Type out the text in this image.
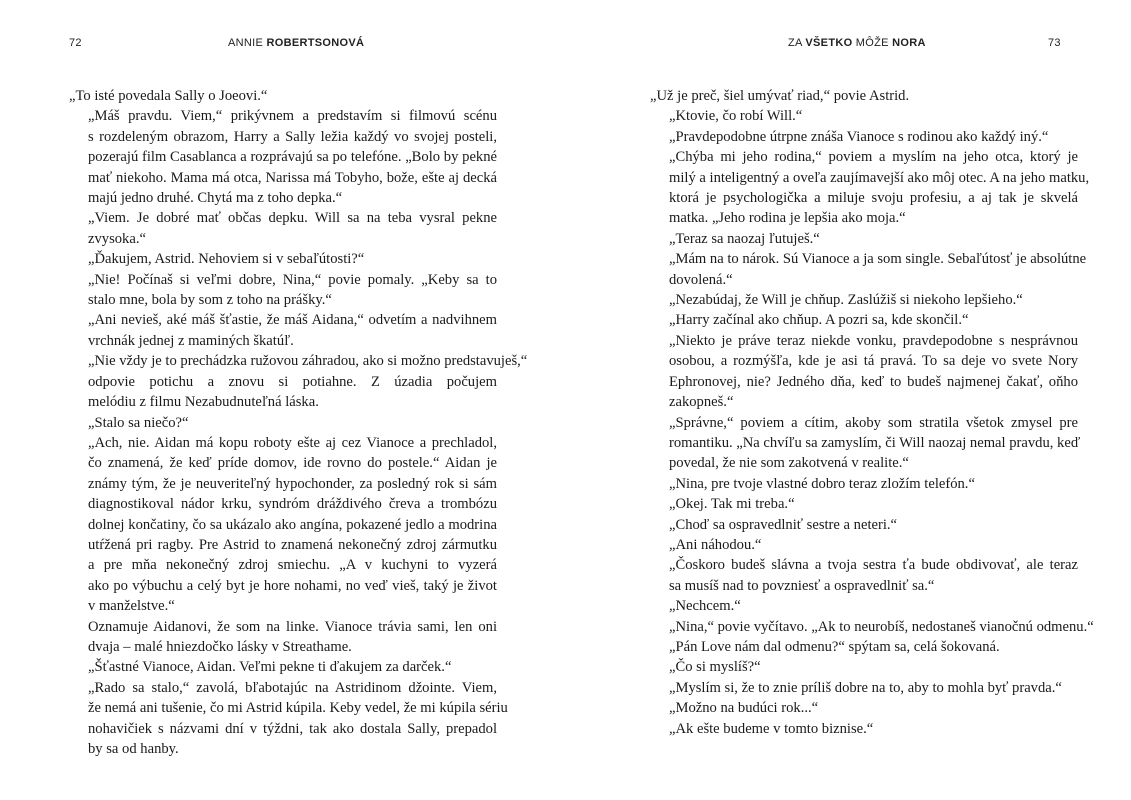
72	ANNIE ROBERTSONOVÁ

„To isté povedala Sally o Joeovi.“

„Máš pravdu. Viem,“ prikývnem a predstavím si filmovú scénu
s rozdeleným obrazom, Harry a Sally ležia každý vo svojej posteli,
pozerajú film Casablanca a rozprávajú sa po telefóne. „Bolo by pekné
mať niekoho. Mama má otca, Narissa má Tobyho, bože, ešte aj decká
majú jedno druhé. Chytá ma z toho depka.“

„Viem. Je dobré mať občas depku. Will sa na teba vysral pekne
zvysoka.“

„Ďakujem, Astrid. Nehoviem si v sebaľútosti?“

„Nie! Počínaš si veľmi dobre, Nina,“ povie pomaly. „Keby sa to
stalo mne, bola by som z toho na prášky.“

„Ani nevieš, aké máš šťastie, že máš Aidana,“ odvetím a nadvihnem
vrchnák jednej z maminých škatúľ.

„Nie vždy je to prechádzka ružovou záhradou, ako si možno predstavuješ,“
odpovie potichu a znovu si potiahne. Z úzadia počujem
melódiu z filmu Nezabudnuteľná láska.

„Stalo sa niečo?“

„Ach, nie. Aidan má kopu roboty ešte aj cez Vianoce a prechladol,
čo znamená, že keď príde domov, ide rovno do postele.“ Aidan je
známy tým, že je neuveriteľný hypochonder, za posledný rok si sám
diagnostikoval nádor krku, syndróm dráždivého čreva a trombózu
dolnej končatiny, čo sa ukázalo ako angína, pokazené jedlo a modrina
utŕžená pri ragby. Pre Astrid to znamená nekonečný zdroj zármutku
a pre mňa nekonečný zdroj smiechu. „A v kuchyni to vyzerá
ako po výbuchu a celý byt je hore nohami, no veď vieš, taký je život
v manželstve.“

Oznamuje Aidanovi, že som na linke. Vianoce trávia sami, len oni
dvaja – malé hniezdočko lásky v Streathame.

„Šťastné Vianoce, Aidan. Veľmi pekne ti ďakujem za darček.“

„Rado sa stalo,“ zavolá, bľabotajúc na Astridinom džointe. Viem,
že nemá ani tušenie, čo mi Astrid kúpila. Keby vedel, že mi kúpila sériu
nohavičiek s názvami dní v týždni, tak ako dostala Sally, prepadol
by sa od hanby.

ZA VŠETKO MÔŽE NORA	73

„Už je preč, šiel umývať riad,“ povie Astrid.

„Ktovie, čo robí Will.“

„Pravdepodobne útrpne znáša Vianoce s rodinou ako každý iný.“

„Chýba mi jeho rodina,“ poviem a myslím na jeho otca, ktorý je
milý a inteligentný a oveľa zaujímavejší ako môj otec. A na jeho matku,
ktorá je psychologička a miluje svoju profesiu, a aj tak je skvelá
matka. „Jeho rodina je lepšia ako moja.“

„Teraz sa naozaj ľutuješ.“

„Mám na to nárok. Sú Vianoce a ja som single. Sebaľútosť je absolútne
dovolená.“

„Nezabúdaj, že Will je chňup. Zaslúžiš si niekoho lepšieho.“

„Harry začínal ako chňup. A pozri sa, kde skončil.“

„Niekto je práve teraz niekde vonku, pravdepodobne s nesprávnou
osobou, a rozmýšľa, kde je asi tá pravá. To sa deje vo svete Nory
Ephronovej, nie? Jedného dňa, keď to budeš najmenej čakať, oňho
zakopneš.“

„Správne,“ poviem a cítim, akoby som stratila všetok zmysel pre
romantiku. „Na chvíľu sa zamyslím, či Will naozaj nemal pravdu, keď
povedal, že nie som zakotvená v realite.“

„Nina, pre tvoje vlastné dobro teraz zložím telefón.“

„Okej. Tak mi treba.“

„Choď sa ospravedlniť sestre a neteri.“

„Ani náhodou.“

„Čoskoro budeš slávna a tvoja sestra ťa bude obdivovať, ale teraz
sa musíš nad to povzniesť a ospravedlniť sa.“

„Nechcem.“

„Nina,“ povie vyčítavo. „Ak to neurobíš, nedostaneš vianočnú odmenu.“

„Pán Love nám dal odmenu?“ spýtam sa, celá šokovaná.

„Čo si myslíš?“

„Myslím si, že to znie príliš dobre na to, aby to mohla byť pravda.“

„Možno na budúci rok...“

„Ak ešte budeme v tomto biznise.“
